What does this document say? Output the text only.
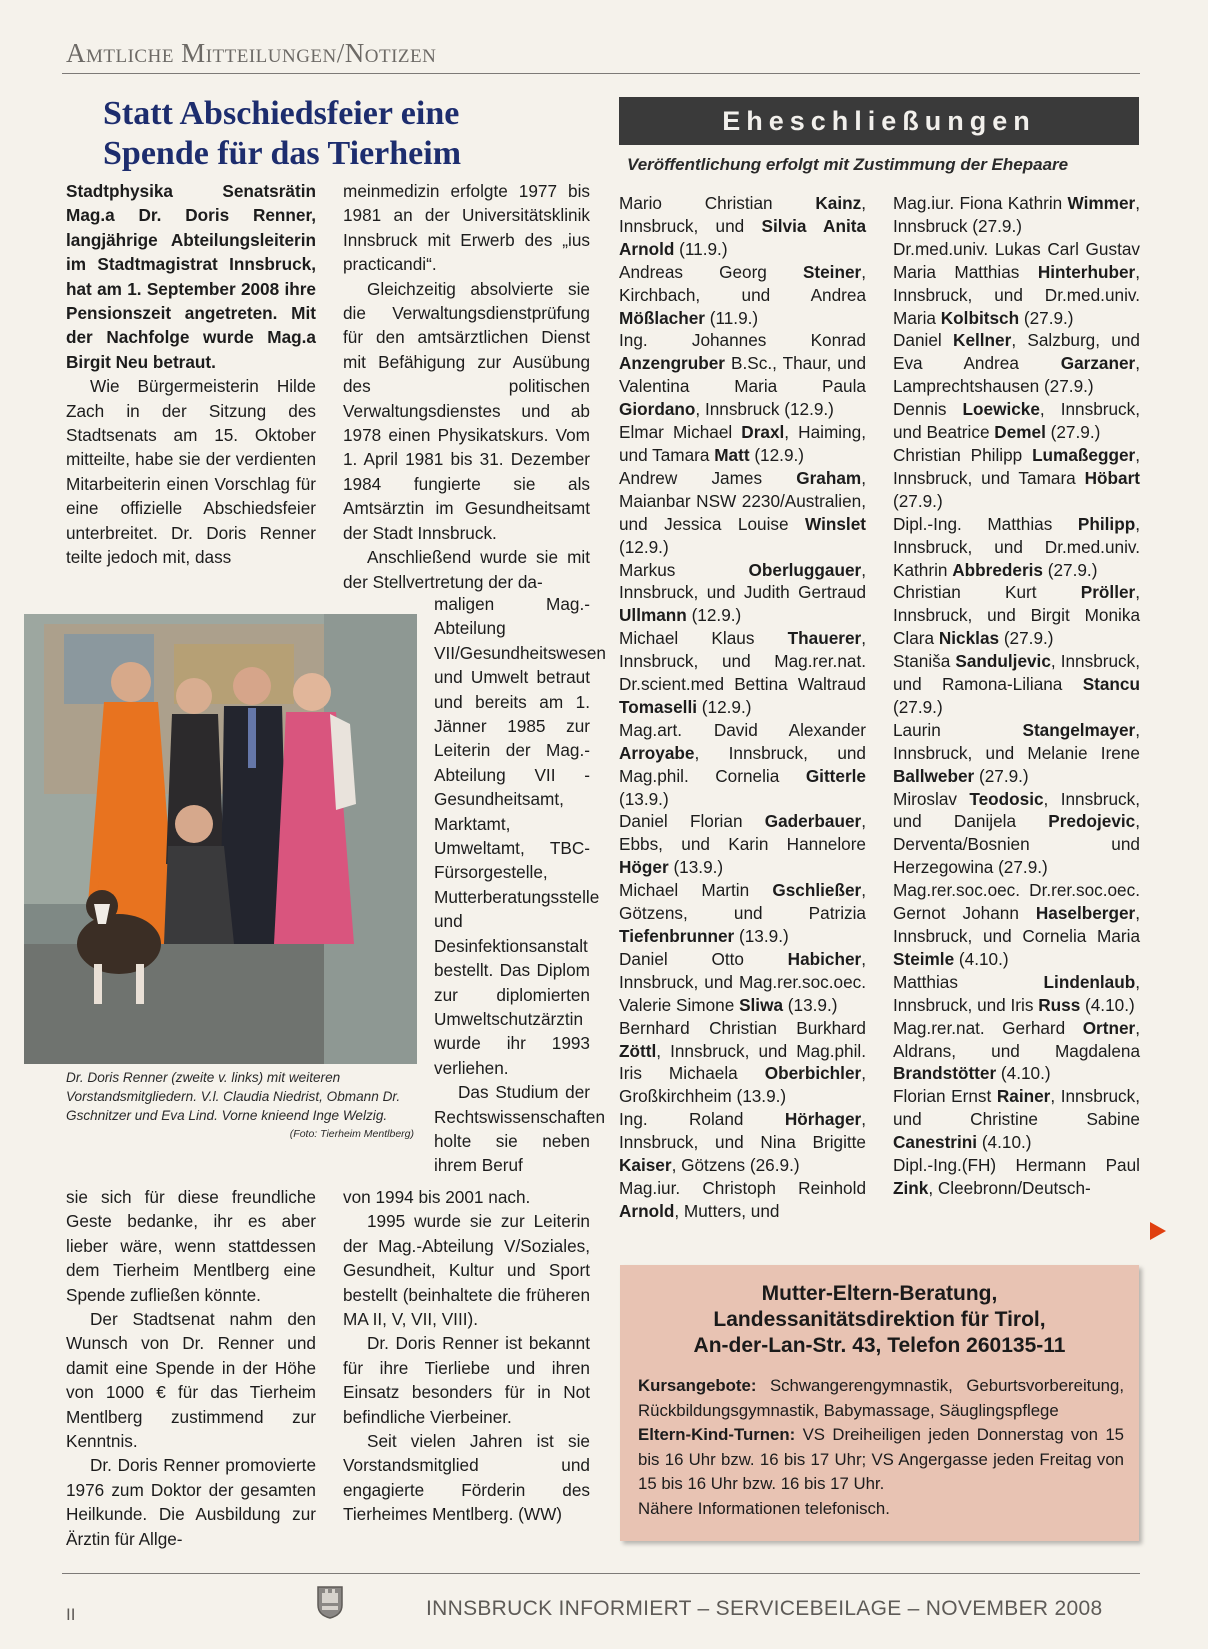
Amtliche Mitteilungen/Notizen
Statt Abschiedsfeier eine
Spende für das Tierheim

Stadtphysika Senatsrätin Mag.a Dr. Doris Renner, langjährige Abteilungsleiterin im Stadtmagistrat Innsbruck, hat am 1. September 2008 ihre Pensionszeit angetreten. Mit der Nachfolge wurde Mag.a Birgit Neu betraut.

Wie Bürgermeisterin Hilde Zach in der Sitzung des Stadtsenats am 15. Oktober mitteilte, habe sie der verdienten Mitarbeiterin einen Vorschlag für eine offizielle Abschiedsfeier unterbreitet. Dr. Doris Renner teilte jedoch mit, dass

Dr. Doris Renner (zweite v. links) mit weiteren Vorstandsmitgliedern. V.l. Claudia Niedrist, Obmann Dr. Gschnitzer und Eva Lind. Vorne knieend Inge Welzig.
(Foto: Tierheim Mentlberg)

sie sich für diese freundliche Geste bedanke, ihr es aber lieber wäre, wenn stattdessen dem Tierheim Mentlberg eine Spende zufließen könnte.

Der Stadtsenat nahm den Wunsch von Dr. Renner und damit eine Spende in der Höhe von 1000 € für das Tierheim Mentlberg zustimmend zur Kenntnis.

Dr. Doris Renner promovierte 1976 zum Doktor der gesamten Heilkunde. Die Ausbildung zur Ärztin für Allge-

meinmedizin erfolgte 1977 bis 1981 an der Universitätsklinik Innsbruck mit Erwerb des „ius practicandi“.

Gleichzeitig absolvierte sie die Verwaltungsdienstprüfung für den amtsärztlichen Dienst mit Befähigung zur Ausübung des politischen Verwaltungsdienstes und ab 1978 einen Physikatskurs. Vom 1. April 1981 bis 31. Dezember 1984 fungierte sie als Amtsärztin im Gesundheitsamt der Stadt Innsbruck.

Anschließend wurde sie mit der Stellvertretung der da-

maligen Mag.-Abteilung VII/Gesundheitswesen und Umwelt betraut und bereits am 1. Jänner 1985 zur Leiterin der Mag.-Abteilung VII - Gesundheitsamt, Marktamt, Umweltamt, TBC-Fürsorgestelle, Mutterberatungsstelle und Desinfektionsanstalt bestellt. Das Diplom zur diplomierten Umweltschutzärztin wurde ihr 1993 verliehen.

Das Studium der Rechtswissenschaften holte sie neben ihrem Beruf

von 1994 bis 2001 nach.

1995 wurde sie zur Leiterin der Mag.-Abteilung V/Soziales, Gesundheit, Kultur und Sport bestellt (beinhaltete die früheren MA II, V, VII, VIII).

Dr. Doris Renner ist bekannt für ihre Tierliebe und ihren Einsatz besonders für in Not befindliche Vierbeiner.

Seit vielen Jahren ist sie Vorstandsmitglied und engagierte Förderin des Tierheimes Mentlberg. (WW)

Eheschließungen
Veröffentlichung erfolgt mit Zustimmung der Ehepaare

Mario Christian Kainz, Innsbruck, und Silvia Anita Arnold (11.9.)

Andreas Georg Steiner, Kirchbach, und Andrea Mößlacher (11.9.)

Ing. Johannes Konrad Anzengruber B.Sc., Thaur, und Valentina Maria Paula Giordano, Innsbruck (12.9.)

Elmar Michael Draxl, Haiming, und Tamara Matt (12.9.)

Andrew James Graham, Maianbar NSW 2230/Australien, und Jessica Louise Winslet (12.9.)

Markus Oberluggauer, Innsbruck, und Judith Gertraud Ullmann (12.9.)

Michael Klaus Thauerer, Innsbruck, und Mag.rer.nat. Dr.scient.med Bettina Waltraud Tomaselli (12.9.)

Mag.art. David Alexander Arroyabe, Innsbruck, und Mag.phil. Cornelia Gitterle (13.9.)

Daniel Florian Gaderbauer, Ebbs, und Karin Hannelore Höger (13.9.)

Michael Martin Gschließer, Götzens, und Patrizia Tiefenbrunner (13.9.)

Daniel Otto Habicher, Innsbruck, und Mag.rer.soc.oec. Valerie Simone Sliwa (13.9.)

Bernhard Christian Burkhard Zöttl, Innsbruck, und Mag.phil. Iris Michaela Oberbichler, Großkirchheim (13.9.)

Ing. Roland Hörhager, Innsbruck, und Nina Brigitte Kaiser, Götzens (26.9.)

Mag.iur. Christoph Reinhold Arnold, Mutters, und

Mag.iur. Fiona Kathrin Wimmer, Innsbruck (27.9.)

Dr.med.univ. Lukas Carl Gustav Maria Matthias Hinterhuber, Innsbruck, und Dr.med.univ. Maria Kolbitsch (27.9.)

Daniel Kellner, Salzburg, und Eva Andrea Garzaner, Lamprechtshausen (27.9.)

Dennis Loewicke, Innsbruck, und Beatrice Demel (27.9.)

Christian Philipp Lumaßegger, Innsbruck, und Tamara Höbart (27.9.)

Dipl.-Ing. Matthias Philipp, Innsbruck, und Dr.med.univ. Kathrin Abbrederis (27.9.)

Christian Kurt Pröller, Innsbruck, und Birgit Monika Clara Nicklas (27.9.)

Staniša Sanduljevic, Innsbruck, und Ramona-Liliana Stancu (27.9.)

Laurin Stangelmayer, Innsbruck, und Melanie Irene Ballweber (27.9.)

Miroslav Teodosic, Innsbruck, und Danijela Predojevic, Derventa/Bosnien und Herzegowina (27.9.)

Mag.rer.soc.oec. Dr.rer.soc.oec. Gernot Johann Haselberger, Innsbruck, und Cornelia Maria Steimle (4.10.)

Matthias Lindenlaub, Innsbruck, und Iris Russ (4.10.)

Mag.rer.nat. Gerhard Ortner, Aldrans, und Magdalena Brandstötter (4.10.)

Florian Ernst Rainer, Innsbruck, und Christine Sabine Canestrini (4.10.)

Dipl.-Ing.(FH) Hermann Paul Zink, Cleebronn/Deutsch-

Mutter-Eltern-Beratung,
Landessanitätsdirektion für Tirol,
An-der-Lan-Str. 43, Telefon 260135-11
Kursangebote: Schwangerengymnastik, Geburtsvorbereitung, Rückbildungsgymnastik, Babymassage, Säuglingspflege
Eltern-Kind-Turnen: VS Dreiheiligen jeden Donnerstag von 15 bis 16 Uhr bzw. 16 bis 17 Uhr; VS Angergasse jeden Freitag von 15 bis 16 Uhr bzw. 16 bis 17 Uhr.
Nähere Informationen telefonisch.
II	INNSBRUCK INFORMIERT – SERVICEBEILAGE – NOVEMBER 2008
